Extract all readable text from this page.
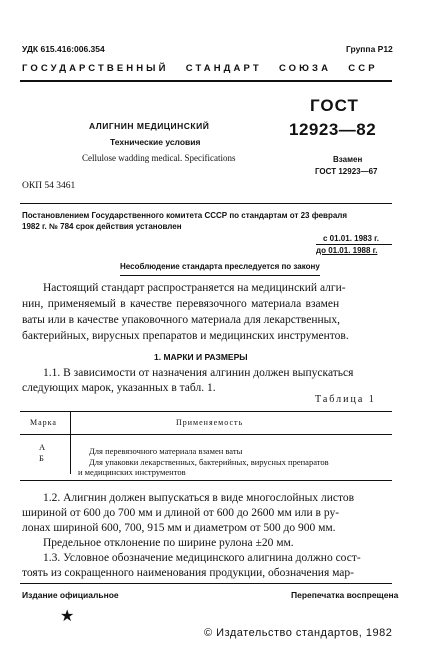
УДК 615.416:006.354	Группа Р12
ГОСУДАРСТВЕННЫЙ   СТАНДАРТ   СОЮЗА   ССР
АЛИГНИН МЕДИЦИНСКИЙ
Технические условия
Cellulose wadding medical. Specifications
ГОСТ
12923—82
Взамен
ГОСТ 12923—67
ОКП 54 3461
Постановлением Государственного комитета СССР по стандартам от 23 февраля
1982 г. № 784 срок действия установлен
с 01.01. 1983 г.
до 01.01. 1988 г.
Несоблюдение стандарта преследуется по закону
Настоящий стандарт распространяется на медицинский алги-
нин, применяемый в качестве перевязочного материала взамен
ваты или в качестве упаковочного материала для лекарственных,
бактерийных, вирусных препаратов и медицинских инструментов.
1. МАРКИ И РАЗМЕРЫ
1.1. В зависимости от назначения алгинин должен выпускаться
следующих марок, указанных в табл. 1.
Таблица 1
Марка	Применяемость
А	Для перевязочного материала взамен ваты
Б	Для упаковки лекарственных, бактерийных, вирусных препаратов
и медицинских инструментов
1.2. Алигнин должен выпускаться в виде многослойных листов
шириной от 600 до 700 мм и длиной от 600 до 2600 мм или в ру-
лонах шириной 600, 700, 915 мм и диаметром от 500 до 900 мм.
Предельное отклонение по ширине рулона ±20 мм.
1.3. Условное обозначение медицинского алигнина должно сост-
тоять из сокращенного наименования продукции, обозначения мар-
Издание официальное	Перепечатка воспрещена
★
© Издательство стандартов, 1982
